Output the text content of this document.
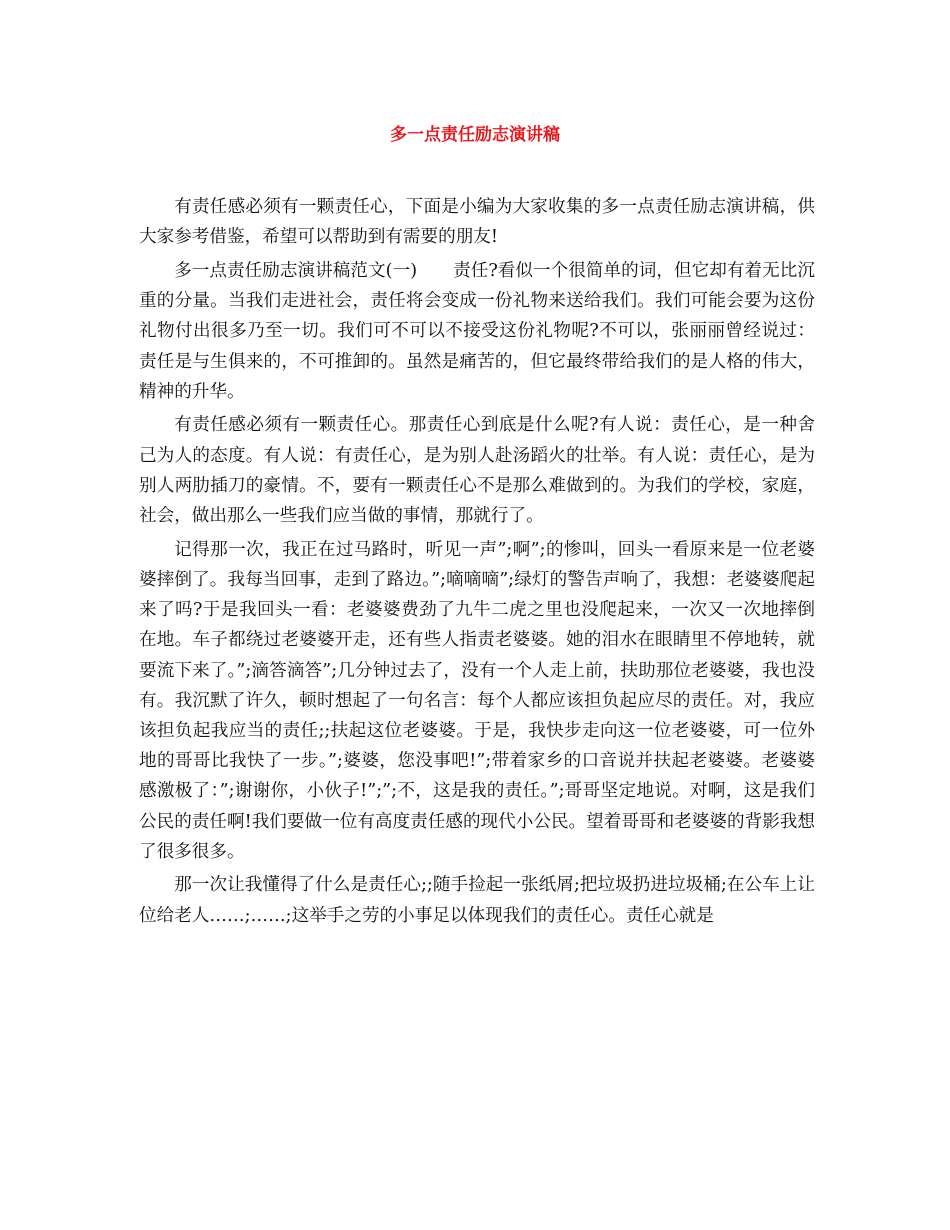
多一点责任励志演讲稿

有责任感必须有一颗责任心，下面是小编为大家收集的多一点责任励志演讲稿，供大家参考借鉴，希望可以帮助到有需要的朋友!

多一点责任励志演讲稿范文(一) 责任?看似一个很简单的词，但它却有着无比沉重的分量。当我们走进社会，责任将会变成一份礼物来送给我们。我们可能会要为这份礼物付出很多乃至一切。我们可不可以不接受这份礼物呢?不可以，张丽丽曾经说过：责任是与生俱来的，不可推卸的。虽然是痛苦的，但它最终带给我们的是人格的伟大，精神的升华。

有责任感必须有一颗责任心。那责任心到底是什么呢?有人说：责任心，是一种舍己为人的态度。有人说：有责任心，是为别人赴汤蹈火的壮举。有人说：责任心，是为别人两肋插刀的豪情。不，要有一颗责任心不是那么难做到的。为我们的学校，家庭，社会，做出那么一些我们应当做的事情，那就行了。

记得那一次，我正在过马路时，听见一声”;啊”;的惨叫，回头一看原来是一位老婆婆摔倒了。我每当回事，走到了路边。”;嘀嘀嘀”;绿灯的警告声响了，我想：老婆婆爬起来了吗?于是我回头一看：老婆婆费劲了九牛二虎之里也没爬起来，一次又一次地摔倒在地。车子都绕过老婆婆开走，还有些人指责老婆婆。她的泪水在眼睛里不停地转，就要流下来了。”;滴答滴答”;几分钟过去了，没有一个人走上前，扶助那位老婆婆，我也没有。我沉默了许久，顿时想起了一句名言：每个人都应该担负起应尽的责任。对，我应该担负起我应当的责任;;扶起这位老婆婆。于是，我快步走向这一位老婆婆，可一位外地的哥哥比我快了一步。”;婆婆，您没事吧!”;带着家乡的口音说并扶起老婆婆。老婆婆感激极了：”;谢谢你，小伙子!”;”;不，这是我的责任。”;哥哥坚定地说。对啊，这是我们公民的责任啊!我们要做一位有高度责任感的现代小公民。望着哥哥和老婆婆的背影我想了很多很多。

那一次让我懂得了什么是责任心;;随手捡起一张纸屑;把垃圾扔进垃圾桶;在公车上让位给老人……;……;这举手之劳的小事足以体现我们的责任心。责任心就是
